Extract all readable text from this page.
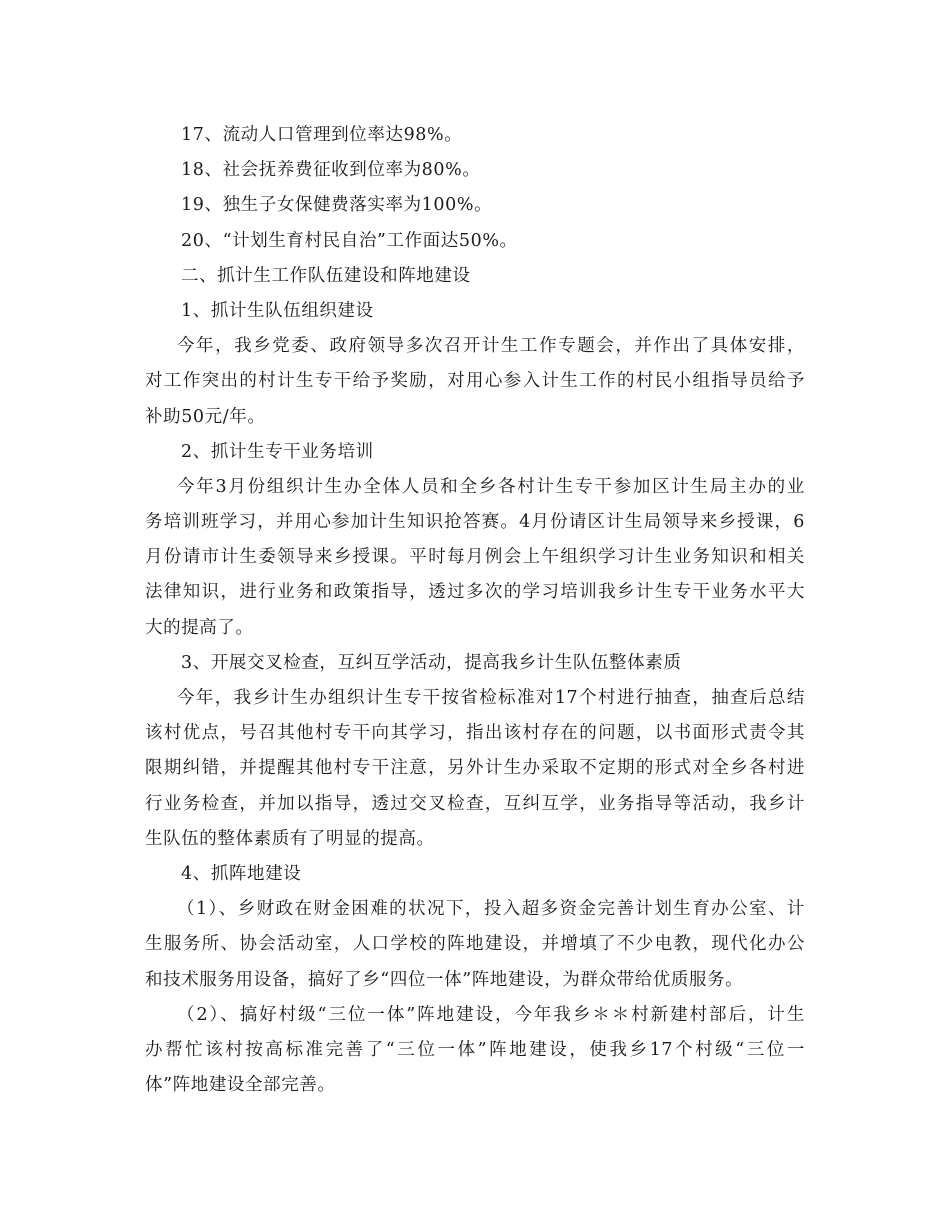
17、流动人口管理到位率达98%。
18、社会抚养费征收到位率为80%。
19、独生子女保健费落实率为100%。
20、“计划生育村民自治”工作面达50%。
二、抓计生工作队伍建设和阵地建设
1、抓计生队伍组织建设
今年，我乡党委、政府领导多次召开计生工作专题会，并作出了具体安排，
对工作突出的村计生专干给予奖励，对用心参入计生工作的村民小组指导员给予
补助50元/年。
2、抓计生专干业务培训
今年3月份组织计生办全体人员和全乡各村计生专干参加区计生局主办的业
务培训班学习，并用心参加计生知识抢答赛。4月份请区计生局领导来乡授课，6
月份请市计生委领导来乡授课。平时每月例会上午组织学习计生业务知识和相关
法律知识，进行业务和政策指导，透过多次的学习培训我乡计生专干业务水平大
大的提高了。
3、开展交叉检查，互纠互学活动，提高我乡计生队伍整体素质
今年，我乡计生办组织计生专干按省检标准对17个村进行抽查，抽查后总结
该村优点，号召其他村专干向其学习，指出该村存在的问题，以书面形式责令其
限期纠错，并提醒其他村专干注意，另外计生办采取不定期的形式对全乡各村进
行业务检查，并加以指导，透过交叉检查，互纠互学，业务指导等活动，我乡计
生队伍的整体素质有了明显的提高。
4、抓阵地建设
（1）、乡财政在财金困难的状况下，投入超多资金完善计划生育办公室、计
生服务所、协会活动室，人口学校的阵地建设，并增填了不少电教，现代化办公
和技术服务用设备，搞好了乡“四位一体”阵地建设，为群众带给优质服务。
（2）、搞好村级“三位一体”阵地建设，今年我乡＊＊村新建村部后，计生
办帮忙该村按高标准完善了“三位一体”阵地建设，使我乡17个村级“三位一
体”阵地建设全部完善。
